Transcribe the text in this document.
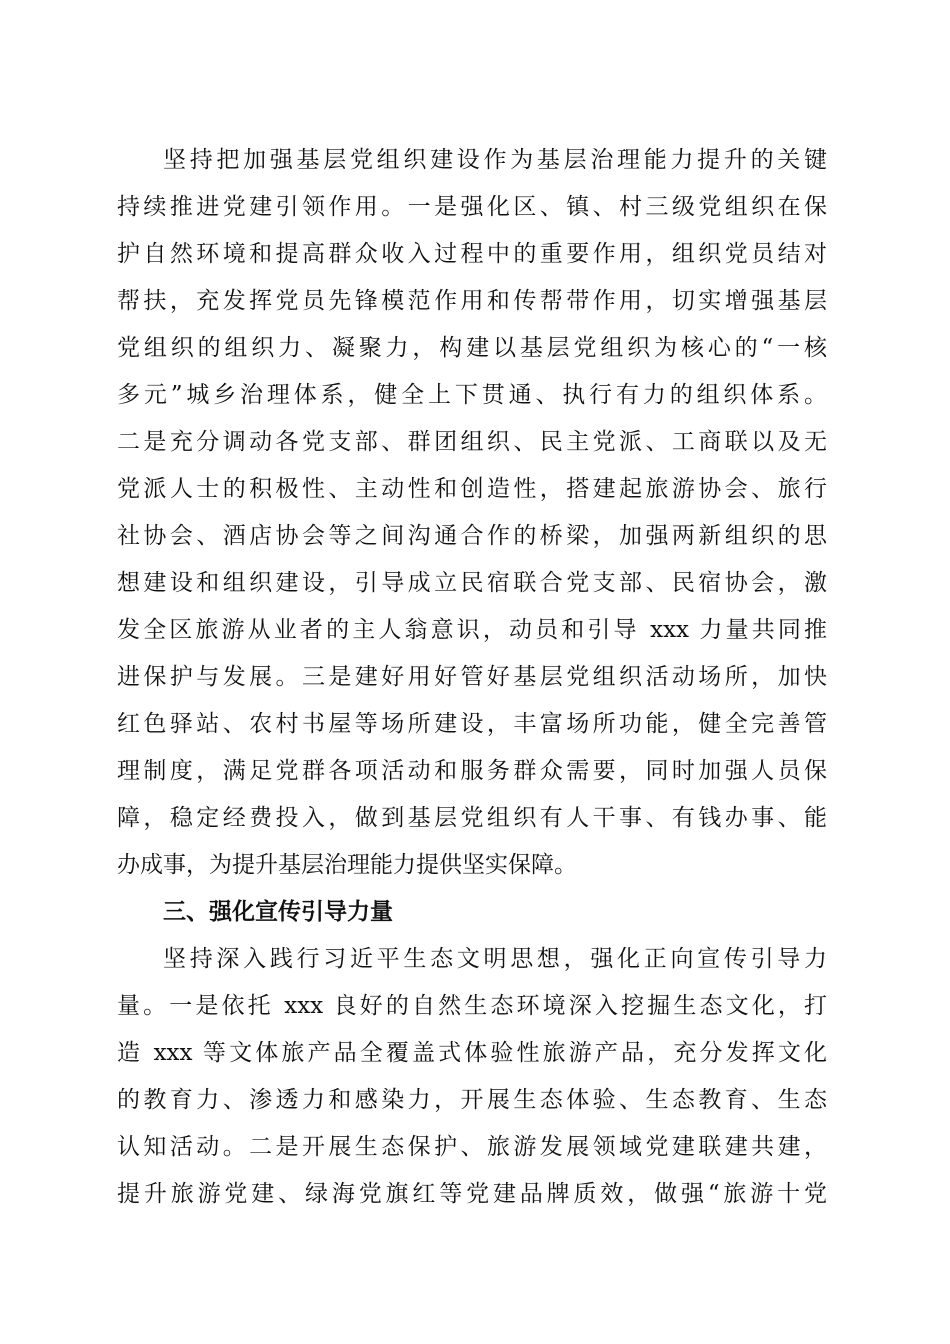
坚持把加强基层党组织建设作为基层治理能力提升的关键
持续推进党建引领作用。一是强化区、镇、村三级党组织在保
护自然环境和提高群众收入过程中的重要作用，组织党员结对
帮扶，充发挥党员先锋模范作用和传帮带作用，切实增强基层
党组织的组织力、凝聚力，构建以基层党组织为核心的“一核
多元”城乡治理体系，健全上下贯通、执行有力的组织体系。
二是充分调动各党支部、群团组织、民主党派、工商联以及无
党派人士的积极性、主动性和创造性，搭建起旅游协会、旅行
社协会、酒店协会等之间沟通合作的桥梁，加强两新组织的思
想建设和组织建设，引导成立民宿联合党支部、民宿协会，激
发全区旅游从业者的主人翁意识，动员和引导 xxx 力量共同推
进保护与发展。三是建好用好管好基层党组织活动场所，加快
红色驿站、农村书屋等场所建设，丰富场所功能，健全完善管
理制度，满足党群各项活动和服务群众需要，同时加强人员保
障，稳定经费投入，做到基层党组织有人干事、有钱办事、能
办成事，为提升基层治理能力提供坚实保障。
三、强化宣传引导力量
坚持深入践行习近平生态文明思想，强化正向宣传引导力
量。一是依托 xxx 良好的自然生态环境深入挖掘生态文化，打
造 xxx 等文体旅产品全覆盖式体验性旅游产品，充分发挥文化
的教育力、渗透力和感染力，开展生态体验、生态教育、生态
认知活动。二是开展生态保护、旅游发展领域党建联建共建，
提升旅游党建、绿海党旗红等党建品牌质效，做强“旅游十党
